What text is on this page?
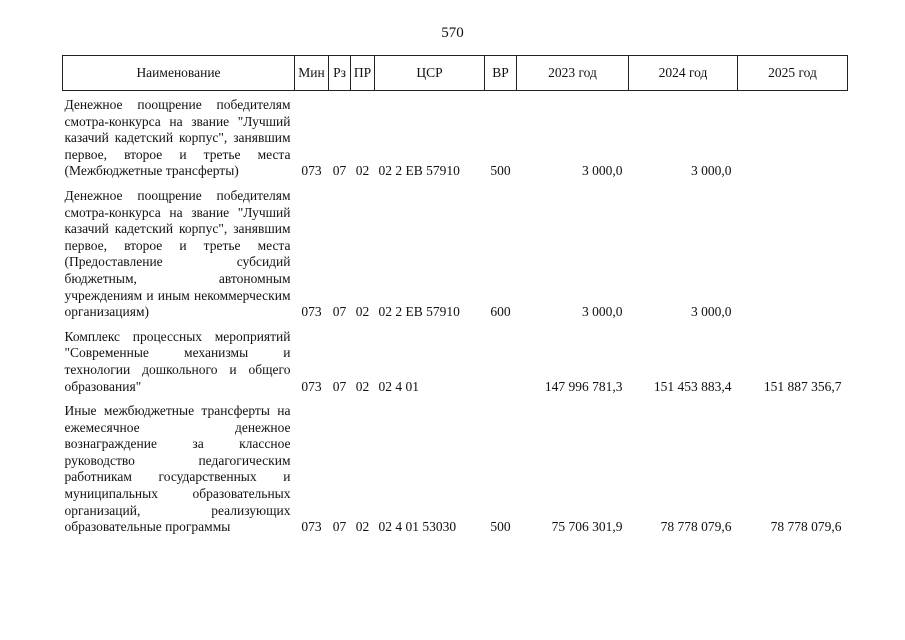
570
Наименование	Мин	Рз	ПР	ЦСР	ВР	2023 год	2024 год	2025 год
Денежное поощрение победителям смотра-конкурса на звание "Лучший казачий кадетский корпус", занявшим первое, второе и третье места (Межбюджетные трансферты)	073	07	02	02 2 EB 57910	500	3 000,0	3 000,0	
Денежное поощрение победителям смотра-конкурса на звание "Лучший казачий кадетский корпус", занявшим первое, второе и третье места (Предоставление субсидий бюджетным, автономным учреждениям и иным некоммерческим организациям)	073	07	02	02 2 EB 57910	600	3 000,0	3 000,0	
Комплекс процессных мероприятий "Современные механизмы и технологии дошкольного и общего образования"	073	07	02	02 4 01		147 996 781,3	151 453 883,4	151 887 356,7
Иные межбюджетные трансферты на ежемесячное денежное вознаграждение за классное руководство педагогическим работникам государственных и муниципальных образовательных организаций, реализующих образовательные программы	073	07	02	02 4 01 53030	500	75 706 301,9	78 778 079,6	78 778 079,6
